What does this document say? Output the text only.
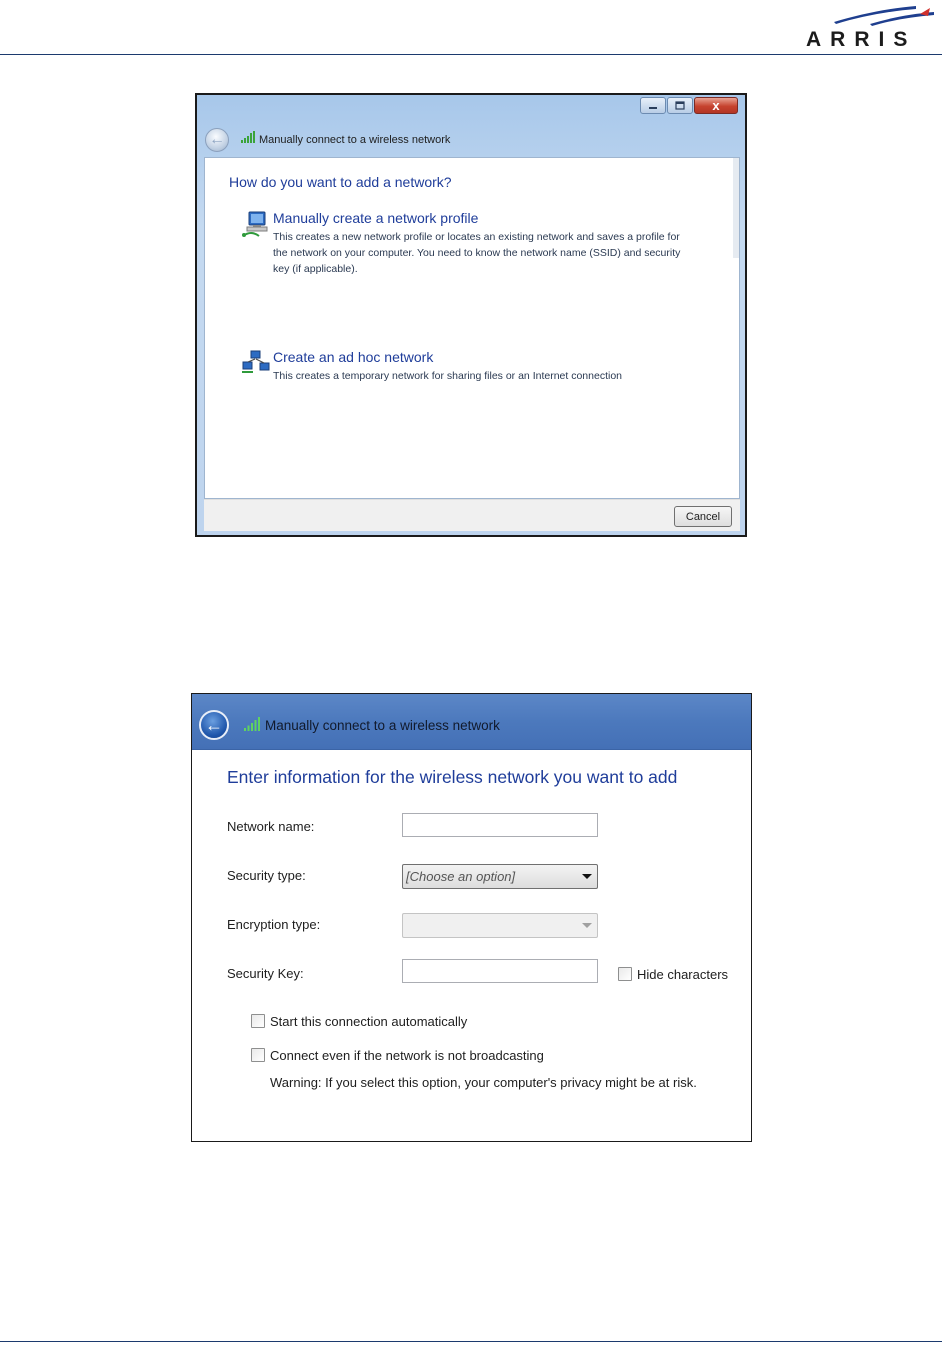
ARRIS
x
←	Manually connect to a wireless network
How do you want to add a network?
Manually create a network profile
This creates a new network profile or locates an existing network and saves a profile for the network on your computer. You need to know the network name (SSID) and security key (if applicable).
Create an ad hoc network
This creates a temporary network for sharing files or an Internet connection
Cancel
←	Manually connect to a wireless network
Enter information for the wireless network you want to add
Network name:
Security type:	[Choose an option]
Encryption type:
Security Key:	Hide characters
Start this connection automatically
Connect even if the network is not broadcasting
Warning: If you select this option, your computer's privacy might be at risk.
